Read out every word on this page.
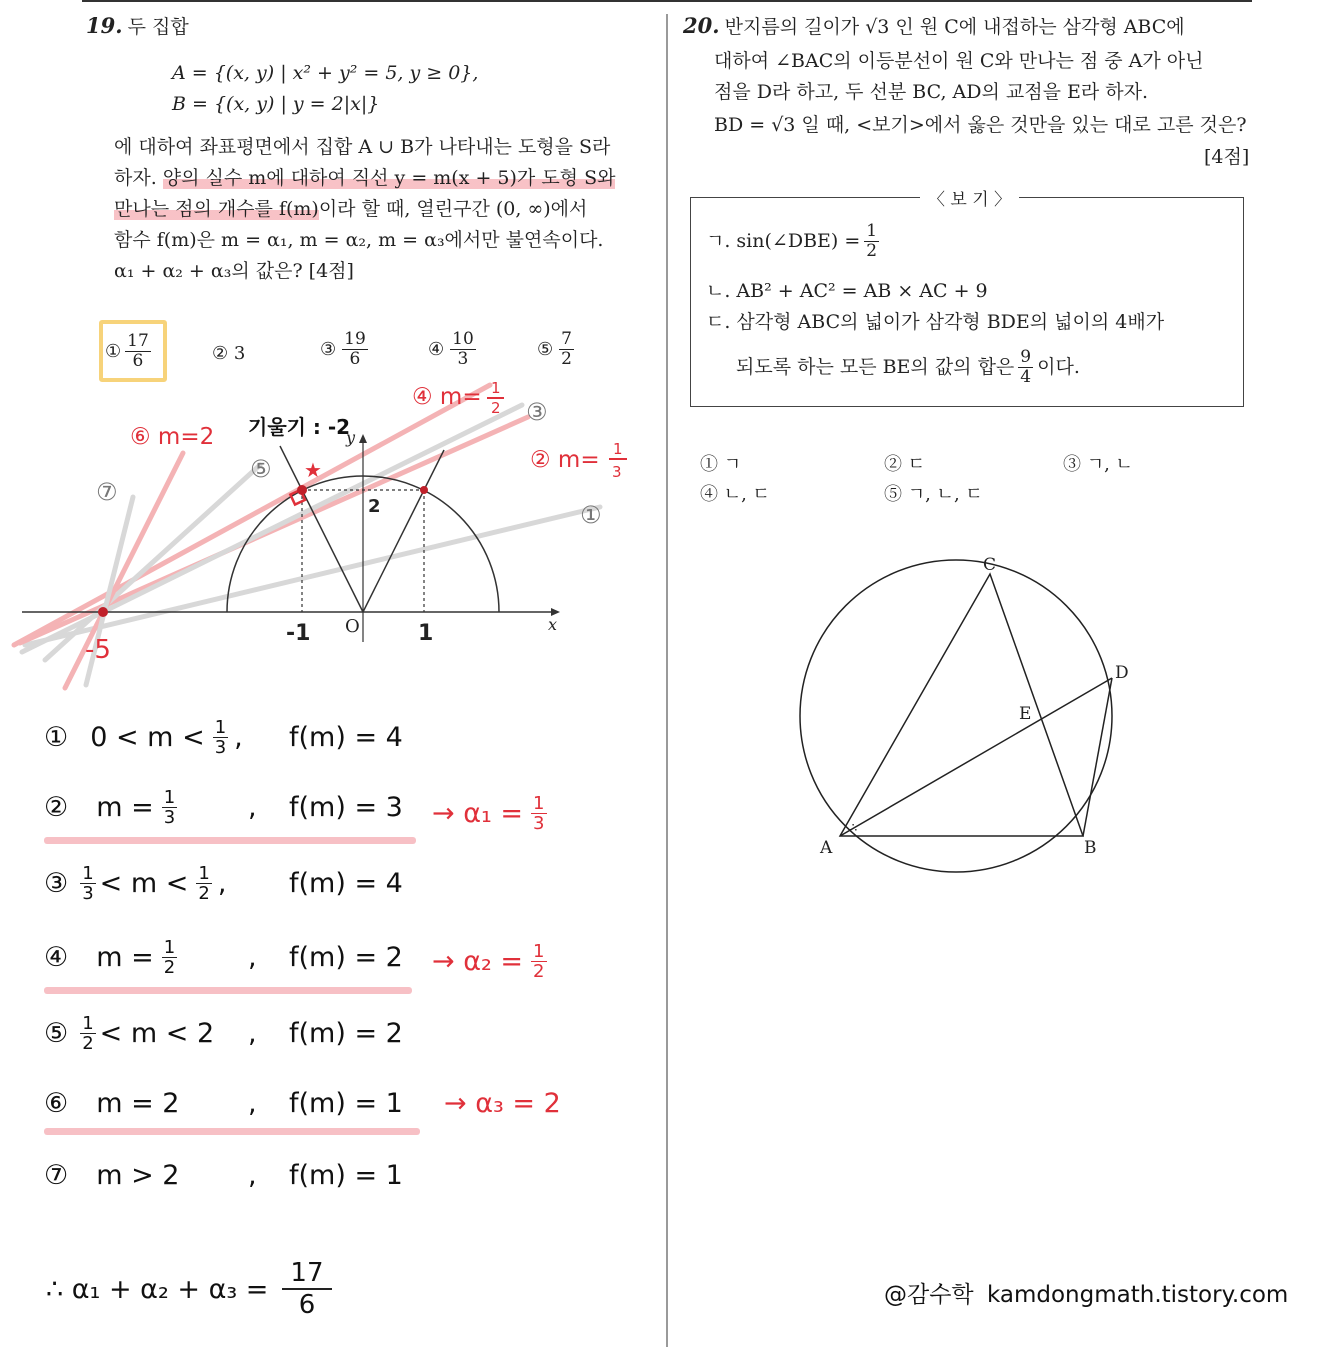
19. 두 집합
A = {(x, y) | x² + y² = 5, y ≥ 0},
B = {(x, y) | y = 2|x|}
에 대하여 좌표평면에서 집합 A ∪ B가 나타내는 도형을 S라
하자. 양의 실수 m에 대하여 직선 y = m(x + 5)가 도형 S와
만나는 점의 개수를 f(m)이라 할 때, 열린구간 (0, ∞)에서
함수 f(m)은 m = α₁, m = α₂, m = α₃에서만 불연속이다.
α₁ + α₂ + α₃의 값은? [4점]
① $\frac{17}{6}$	② 3	③ $\frac{19}{6}$	④ $\frac{10}{3}$	⑤ $\frac{7}{2}$
★
2
O	x
y
-1	1
-5
기울기 : -2
⑥ m=2
④ m= 1
2
② m= 1
3
③
①
⑤
⑦
① $0 < m < \frac{1}{3}$ , f(m) = 4
② $m = \frac{1}{3}$	, $f(m) = 3 \to \alpha_1 = \frac{1}{3}$
③ $\frac{1}{3} < m < \frac{1}{2}$ , f(m) = 4
④ $m = \frac{1}{2}$	, $f(m) = 2 \to \alpha_2 = \frac{1}{2}$
⑤ $\frac{1}{2} < m < 2$ , f(m) = 2
⑥ m = 2	, f(m) = 1 → α₃ = 2
⑦ m > 2	, f(m) = 1
∴ $\alpha_1 + \alpha_2 + \alpha_3 = \frac{17}{6}$
20. 반지름의 길이가 √3 인 원 C에 내접하는 삼각형 ABC에
대하여 ∠BAC의 이등분선이 원 C와 만나는 점 중 A가 아닌
점을 D라 하고, 두 선분 BC, AD의 교점을 E라 하자.
BD = √3 일 때, <보기>에서 옳은 것만을 있는 대로 고른 것은?
[4점]
〈 보 기 〉
ㄱ. sin(∠DBE) = $\frac{1}{2}$
ㄴ. AB² + AC² = AB × AC + 9
ㄷ. 삼각형 ABC의 넓이가 삼각형 BDE의 넓이의 4배가
되도록 하는 모든 BE의 값의 합은 $\frac{9}{4}$ 이다.
① ㄱ	② ㄷ	③ ㄱ, ㄴ
④ ㄴ, ㄷ	⑤ ㄱ, ㄴ, ㄷ
A	B
C
D
E
∴
@감수학 kamdongmath.tistory.com
